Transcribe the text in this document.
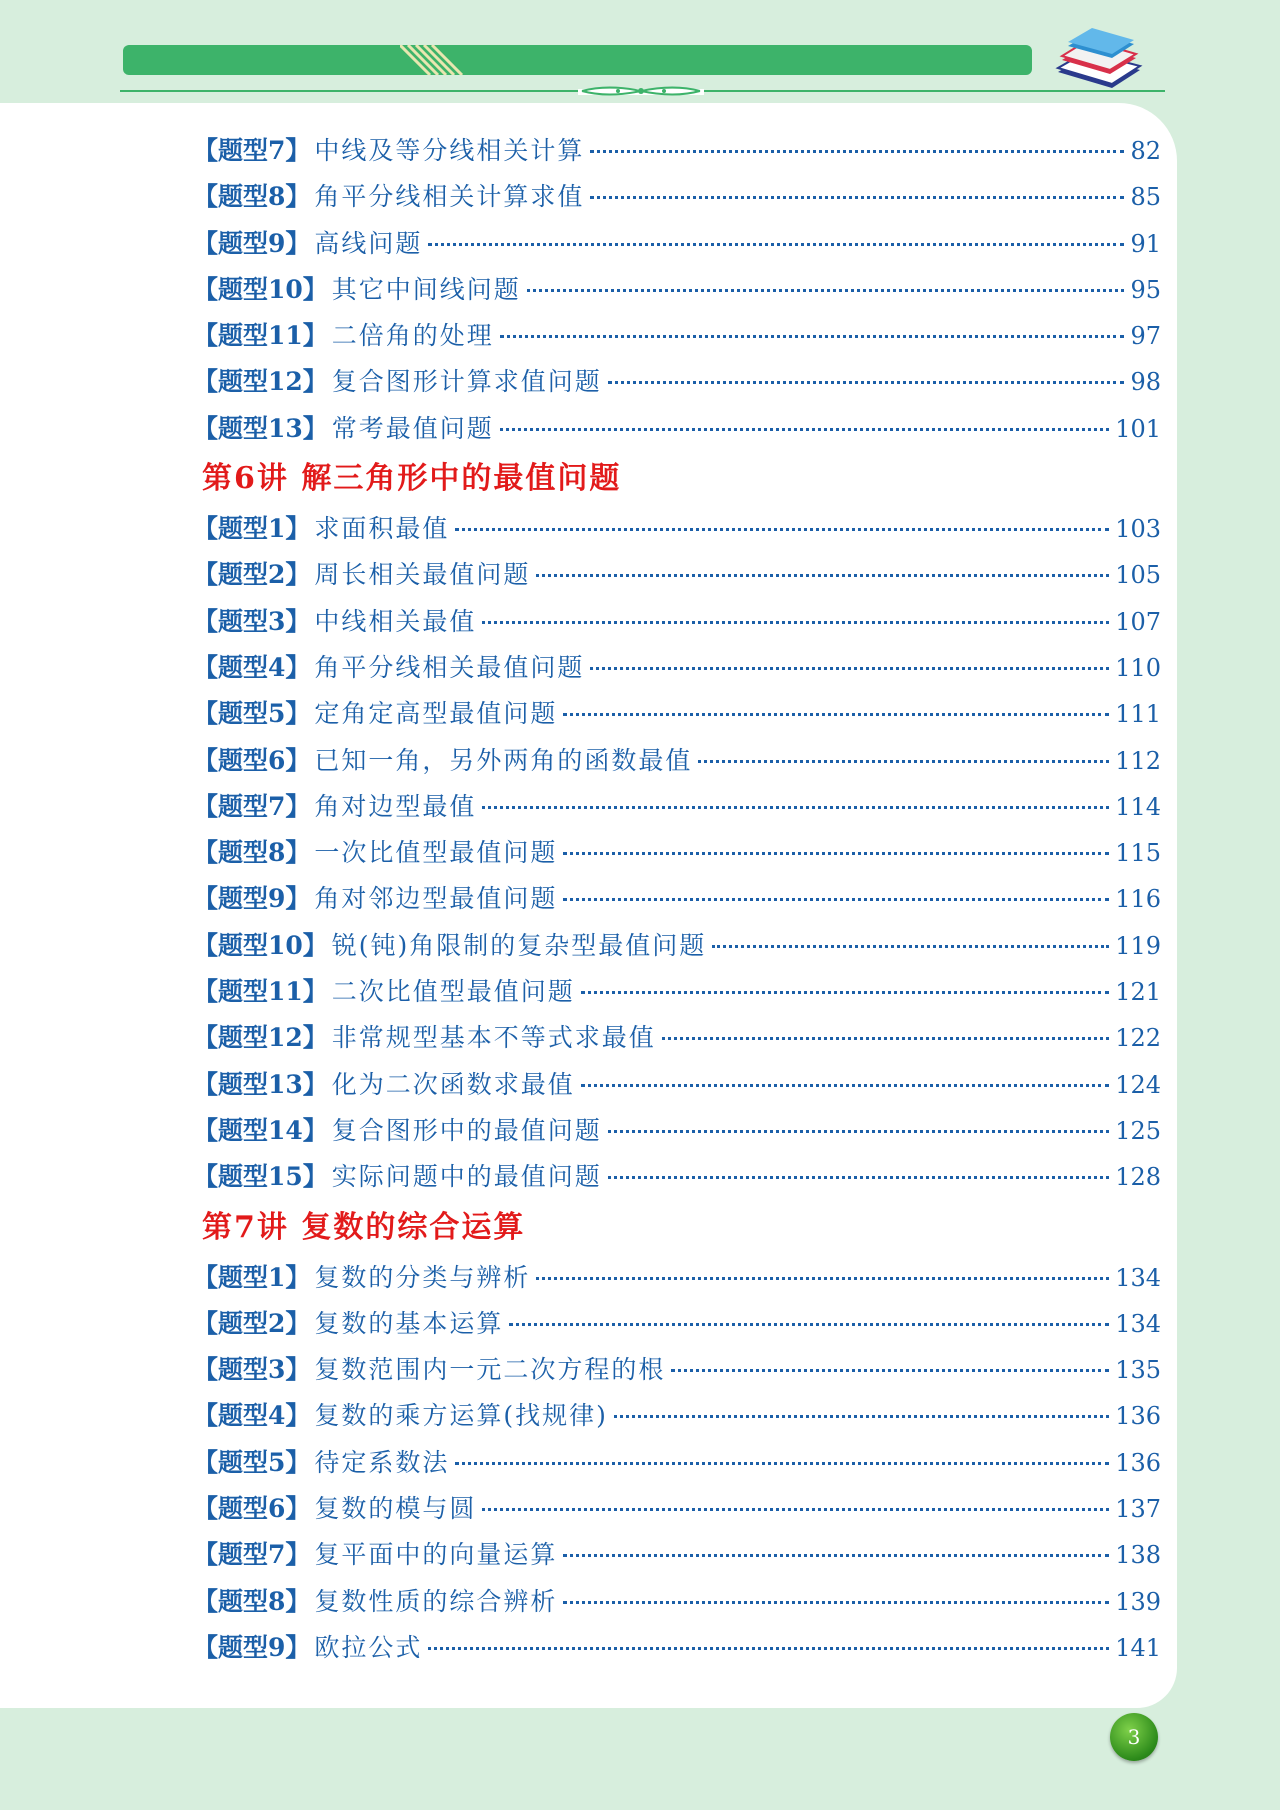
【题型7】 中线及等分线相关计算	82
【题型8】 角平分线相关计算求值	85
【题型9】 高线问题	91
【题型10】 其它中间线问题	95
【题型11】 二倍角的处理	97
【题型12】 复合图形计算求值问题	98
【题型13】 常考最值问题	101
第6讲 解三角形中的最值问题
【题型1】 求面积最值	103
【题型2】 周长相关最值问题	105
【题型3】 中线相关最值	107
【题型4】 角平分线相关最值问题	110
【题型5】 定角定高型最值问题	111
【题型6】 已知一角，另外两角的函数最值	112
【题型7】 角对边型最值	114
【题型8】 一次比值型最值问题	115
【题型9】 角对邻边型最值问题	116
【题型10】 锐(钝)角限制的复杂型最值问题	119
【题型11】 二次比值型最值问题	121
【题型12】 非常规型基本不等式求最值	122
【题型13】 化为二次函数求最值	124
【题型14】 复合图形中的最值问题	125
【题型15】 实际问题中的最值问题	128
第7讲 复数的综合运算
【题型1】 复数的分类与辨析	134
【题型2】 复数的基本运算	134
【题型3】 复数范围内一元二次方程的根	135
【题型4】 复数的乘方运算(找规律)	136
【题型5】 待定系数法	136
【题型6】 复数的模与圆	137
【题型7】 复平面中的向量运算	138
【题型8】 复数性质的综合辨析	139
【题型9】 欧拉公式	141
3
